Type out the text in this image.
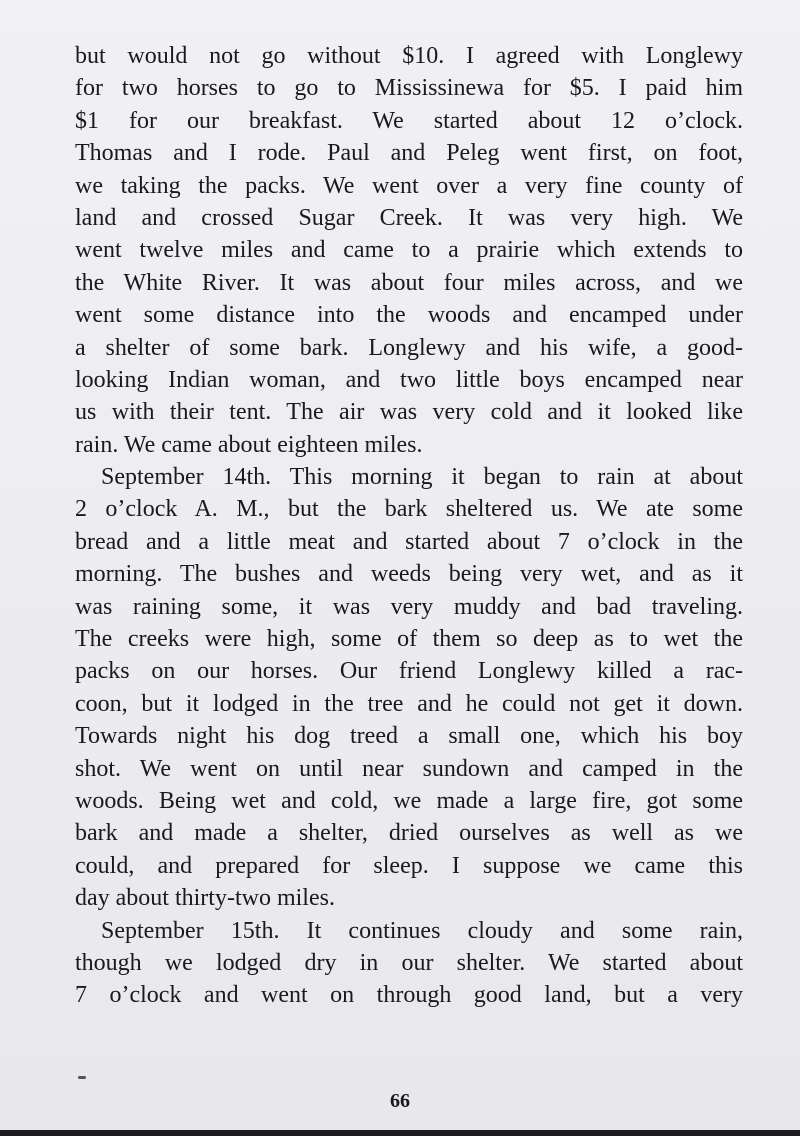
but would not go without $10. I agreed with Longlewy
for two horses to go to Mississinewa for $5. I paid him
$1 for our breakfast. We started about 12 o’clock.
Thomas and I rode. Paul and Peleg went first, on foot,
we taking the packs. We went over a very fine county of
land and crossed Sugar Creek. It was very high. We
went twelve miles and came to a prairie which extends to
the White River. It was about four miles across, and we
went some distance into the woods and encamped under
a shelter of some bark. Longlewy and his wife, a good-
looking Indian woman, and two little boys encamped near
us with their tent. The air was very cold and it looked like
rain. We came about eighteen miles.
September 14th. This morning it began to rain at about
2 o’clock A. M., but the bark sheltered us. We ate some
bread and a little meat and started about 7 o’clock in the
morning. The bushes and weeds being very wet, and as it
was raining some, it was very muddy and bad traveling.
The creeks were high, some of them so deep as to wet the
packs on our horses. Our friend Longlewy killed a rac-
coon, but it lodged in the tree and he could not get it down.
Towards night his dog treed a small one, which his boy
shot. We went on until near sundown and camped in the
woods. Being wet and cold, we made a large fire, got some
bark and made a shelter, dried ourselves as well as we
could, and prepared for sleep. I suppose we came this
day about thirty-two miles.
September 15th. It continues cloudy and some rain,
though we lodged dry in our shelter. We started about
7 o’clock and went on through good land, but a very
66
